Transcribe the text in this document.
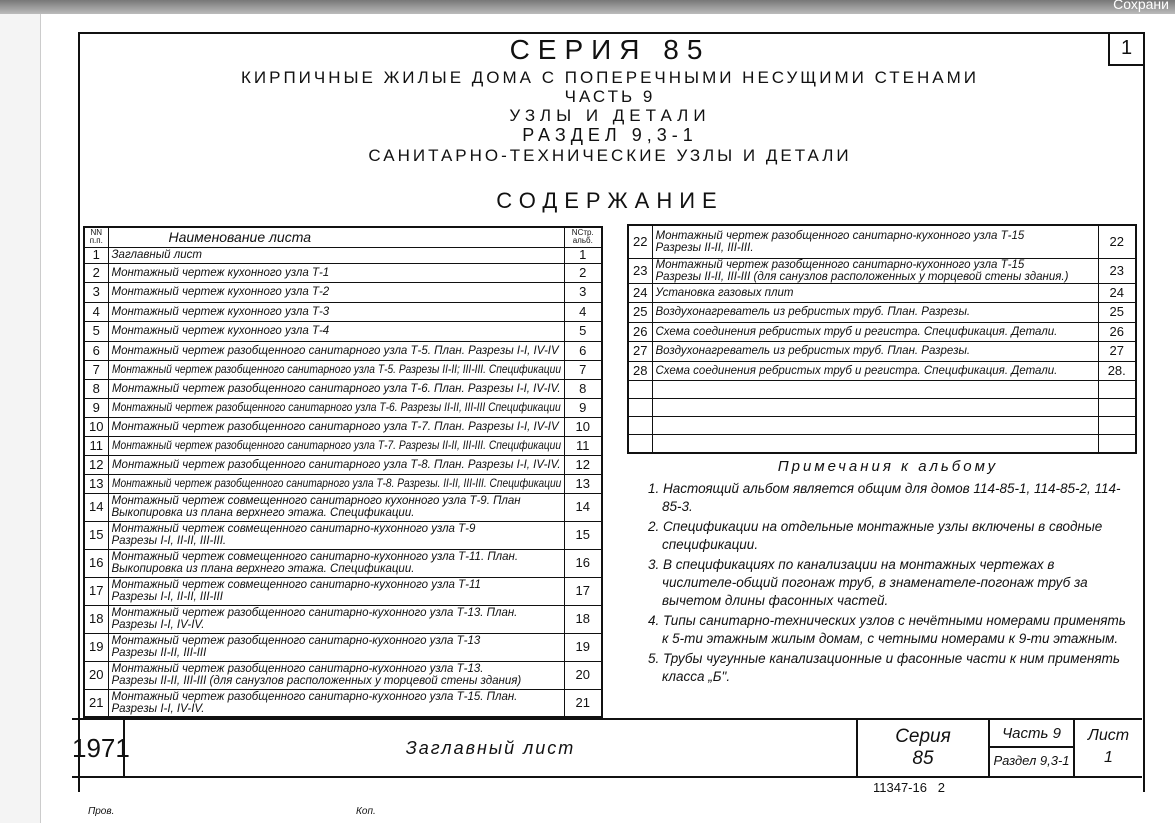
Сохрани
1
СЕРИЯ 85
КИРПИЧНЫЕ ЖИЛЫЕ ДОМА С ПОПЕРЕЧНЫМИ НЕСУЩИМИ СТЕНАМИ
ЧАСТЬ 9
УЗЛЫ И ДЕТАЛИ
РАЗДЕЛ 9,3-1
САНИТАРНО-ТЕХНИЧЕСКИЕ УЗЛЫ И ДЕТАЛИ
СОДЕРЖАНИЕ
NN п.п.	Наименование листа	NСтр. альб.
1	Заглавный лист	1
2	Монтажный чертеж кухонного узла Т-1	2
3	Монтажный чертеж кухонного узла Т-2	3
4	Монтажный чертеж кухонного узла Т-3	4
5	Монтажный чертеж кухонного узла Т-4	5
6	Монтажный чертеж разобщенного санитарного узла Т-5. План. Разрезы I-I, IV-IV	6
7	Монтажный чертеж разобщенного санитарного узла Т-5. Разрезы II-II; III-III. Спецификации	7
8	Монтажный чертеж разобщенного санитарного узла Т-6. План. Разрезы I-I, IV-IV.	8
9	Монтажный чертеж разобщенного санитарного узла Т-6. Разрезы II-II, III-III Спецификации	9
10	Монтажный чертеж разобщенного санитарного узла Т-7. План. Разрезы I-I, IV-IV	10
11	Монтажный чертеж разобщенного санитарного узла Т-7. Разрезы II-II, III-III. Спецификации	11
12	Монтажный чертеж разобщенного санитарного узла Т-8. План. Разрезы I-I, IV-IV.	12
13	Монтажный чертеж разобщенного санитарного узла Т-8. Разрезы. II-II, III-III. Спецификации	13
14	Монтажный чертеж совмещенного санитарного кухонного узла Т-9. План
Выкопировка из плана верхнего этажа. Спецификации.	14
15	Монтажный чертеж совмещенного санитарно-кухонного узла Т-9
Разрезы I-I, II-II, III-III.	15
16	Монтажный чертеж совмещенного санитарно-кухонного узла Т-11. План.
Выкопировка из плана верхнего этажа. Спецификации.	16
17	Монтажный чертеж совмещенного санитарно-кухонного узла Т-11
Разрезы I-I, II-II, III-III	17
18	Монтажный чертеж разобщенного санитарно-кухонного узла Т-13. План.
Разрезы I-I, IV-IV.	18
19	Монтажный чертеж разобщенного санитарно-кухонного узла Т-13
Разрезы II-II, III-III	19
20	Монтажный чертеж разобщенного санитарно-кухонного узла Т-13.
Разрезы II-II, III-III (для санузлов расположенных у торцевой стены здания)	20
21	Монтажный чертеж разобщенного санитарно-кухонного узла Т-15. План.
Разрезы I-I, IV-IV.	21
22	Монтажный чертеж разобщенного санитарно-кухонного узла Т-15
Разрезы II-II, III-III.	22
23	Монтажный чертеж разобщенного санитарно-кухонного узла Т-15
Разрезы II-II, III-III (для санузлов расположенных у торцевой стены здания.)	23
24	Установка газовых плит	24
25	Воздухонагреватель из ребристых труб. План. Разрезы.	25
26	Схема соединения ребристых труб и регистра. Спецификация. Детали.	26
27	Воздухонагреватель из ребристых труб. План. Разрезы.	27
28	Схема соединения ребристых труб и регистра. Спецификация. Детали.	28.

Примечания к альбому

1. Настоящий альбом является общим для домов 114-85-1, 114-85-2, 114-85-3.

2. Спецификации на отдельные монтажные узлы включены в сводные спецификации.

3. В спецификациях по канализации на монтажных чертежах в числителе-общий погонаж труб, в знаменателе-погонаж труб за вычетом длины фасонных частей.

4. Типы санитарно-технических узлов с нечётными номерами применять к 5-ти этажным жилым домам, с четными номерами к 9-ти этажным.

5. Трубы чугунные канализационные и фасонные части к ним применять класса „Б".

1971	Заглавный лист
Серия
85
Часть 9
Раздел 9,3-1
Лист
1
11347-16   2
Пров.	Коп.
